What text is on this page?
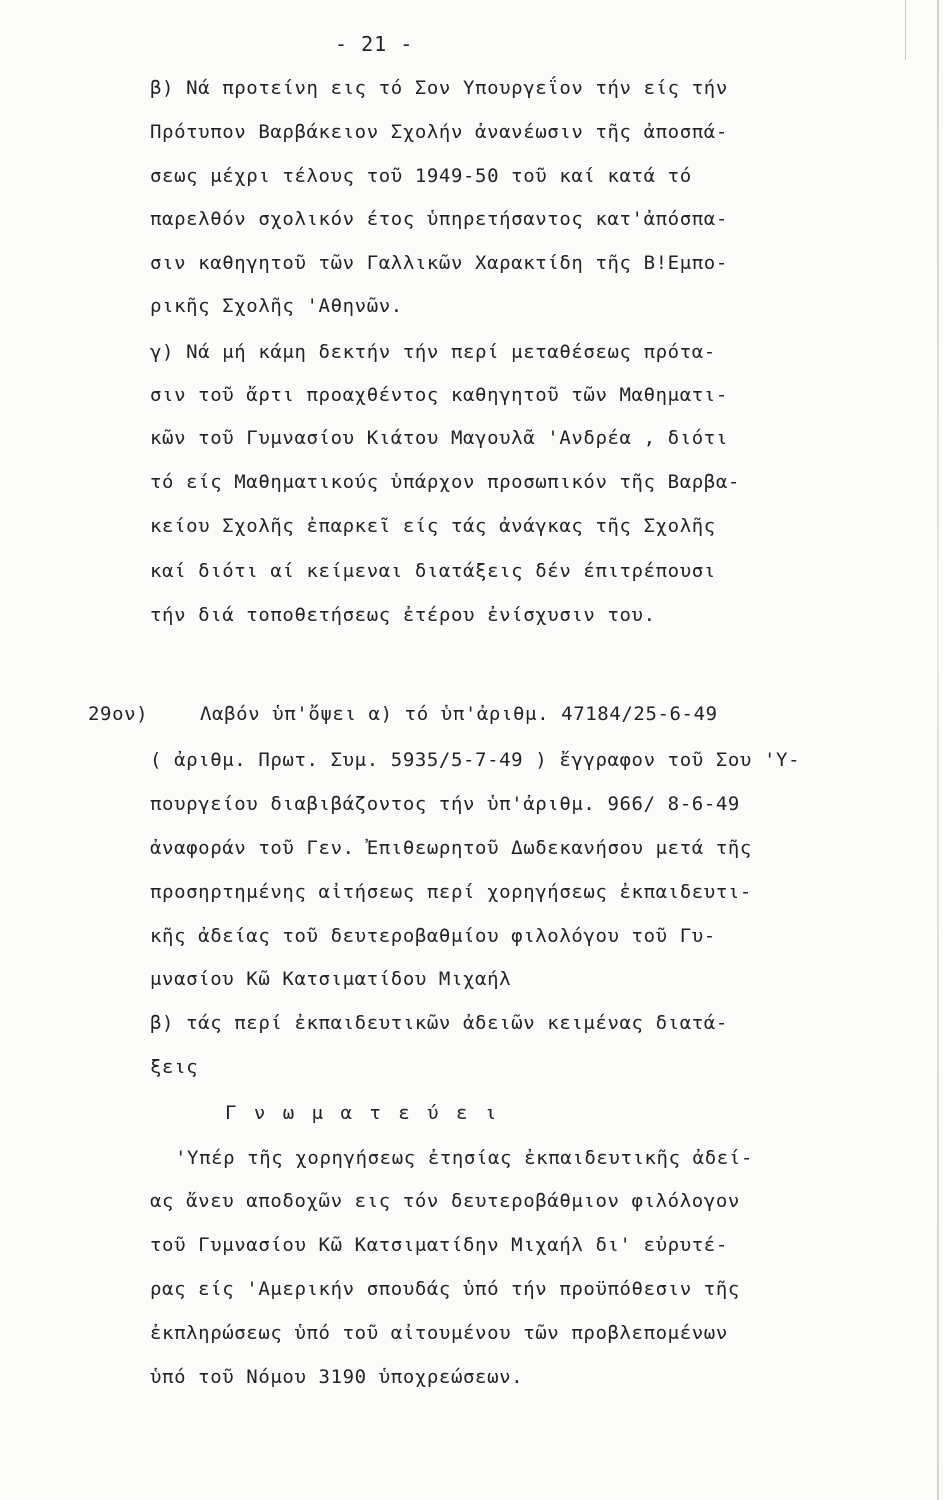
- 21 -
β) Νά προτείνη εις τό Σον Υπουργεΐον τήν είς τήν
Πρότυπον Βαρβάκειον Σχολήν ἀνανέωσιν τῆς ἀποσπά-
σεως μέχρι τέλους τοῦ 1949-50 τοῦ καί κατά τό
παρελθόν σχολικόν έτος ὑπηρετήσαντος κατ'ἀπόσπα-
σιν καθηγητοῦ τῶν Γαλλικῶν Χαρακτίδη τῆς Β!Εμπο-
ρικῆς Σχολῆς 'Αθηνῶν.
γ) Νά μή κάμη δεκτήν τήν περί μεταθέσεως πρότα-
σιν τοῦ ἄρτι προαχθέντος καθηγητοῦ τῶν Μαθηματι-
κῶν τοῦ Γυμνασίου Κιάτου Μαγουλᾶ 'Ανδρέα , διότι
τό είς Μαθηματικούς ὑπάρχον προσωπικόν τῆς Βαρβα-
κείου Σχολῆς ἐπαρκεῖ είς τάς ἀνάγκας τῆς Σχολῆς
καί διότι αί κείμεναι διατάξεις δέν έπιτρέπουσι
τήν διά τοποθετήσεως ἐτέρου ἐνίσχυσιν του.
29ον)	Λαβόν ὑπ'ὄψει α) τό ὑπ'ἀριθμ. 47184/25-6-49
( ἀριθμ. Πρωτ. Συμ. 5935/5-7-49 ) ἔγγραφον τοῦ Σου 'Υ-
πουργείου διαβιβάζοντος τήν ὑπ'ἀριθμ. 966/ 8-6-49
ἀναφοράν τοῦ Γεν. Ἐπιθεωρητοῦ Δωδεκανήσου μετά τῆς
προσηρτημένης αἰτήσεως περί χορηγήσεως ἐκπαιδευτι-
κῆς ἀδείας τοῦ δευτεροβαθμίου φιλολόγου τοῦ Γυ-
μνασίου Κῶ Κατσιματίδου Μιχαήλ
β) τάς περί ἐκπαιδευτικῶν ἀδειῶν κειμένας διατά-
ξεις
Γ ν ω μ α τ ε ύ ε ι
'Υπέρ τῆς χορηγήσεως ἐτησίας ἐκπαιδευτικῆς ἀδεί-
ας ἄνευ αποδοχῶν εις τόν δευτεροβάθμιον φιλόλογον
τοῦ Γυμνασίου Κῶ Κατσιματίδην Μιχαήλ δι' εὐρυτέ-
ρας είς 'Αμερικήν σπουδάς ὑπό τήν προϋπόθεσιν τῆς
ἐκπληρώσεως ὑπό τοῦ αἰτουμένου τῶν προβλεπομένων
ὑπό τοῦ Νόμου 3190 ὑποχρεώσεων.
